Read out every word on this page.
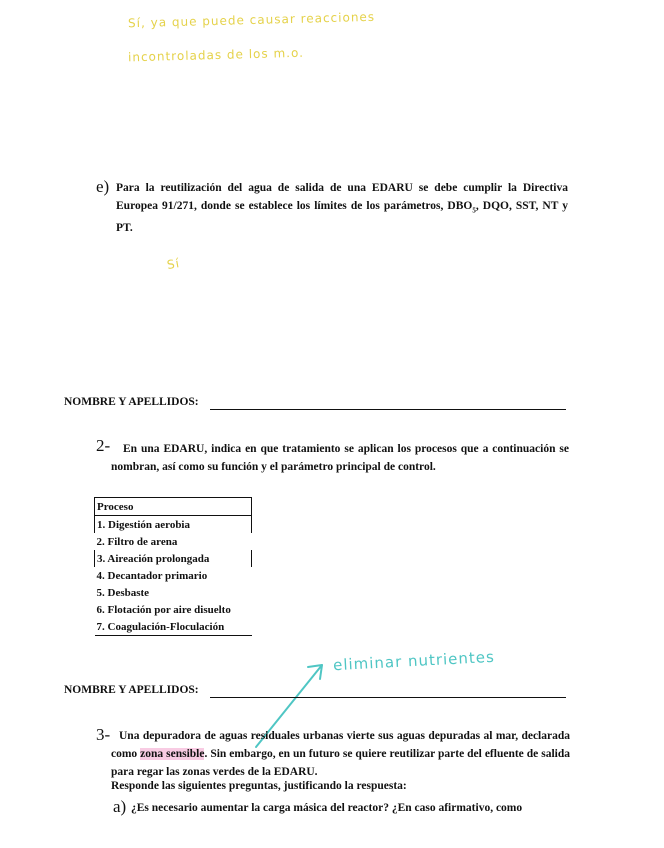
Sí, ya que puede causar reacciones
incontroladas de los m.o.
e) Para la reutilización del agua de salida de una EDARU se debe cumplir la Directiva Europea 91/271, donde se establece los límites de los parámetros, $DBO_5$, DQO, SST, NT y PT.
Sí
NOMBRE Y APELLIDOS:
2-	En una EDARU, indica en que tratamiento se aplican los procesos que a continuación se nombran, así como su función y el parámetro principal de control.
Proceso
1. Digestión aerobia
2. Filtro de arena
3. Aireación prolongada
4. Decantador primario
5. Desbaste
6. Flotación por aire disuelto
7. Coagulación-Floculación
eliminar nutrientes
NOMBRE Y APELLIDOS:
3- Una depuradora de aguas residuales urbanas vierte sus aguas depuradas al mar, declarada como zona sensible. Sin embargo, en un futuro se quiere reutilizar parte del efluente de salida para regar las zonas verdes de la EDARU.
Responde las siguientes preguntas, justificando la respuesta:
a) ¿Es necesario aumentar la carga másica del reactor? ¿En caso afirmativo, como
